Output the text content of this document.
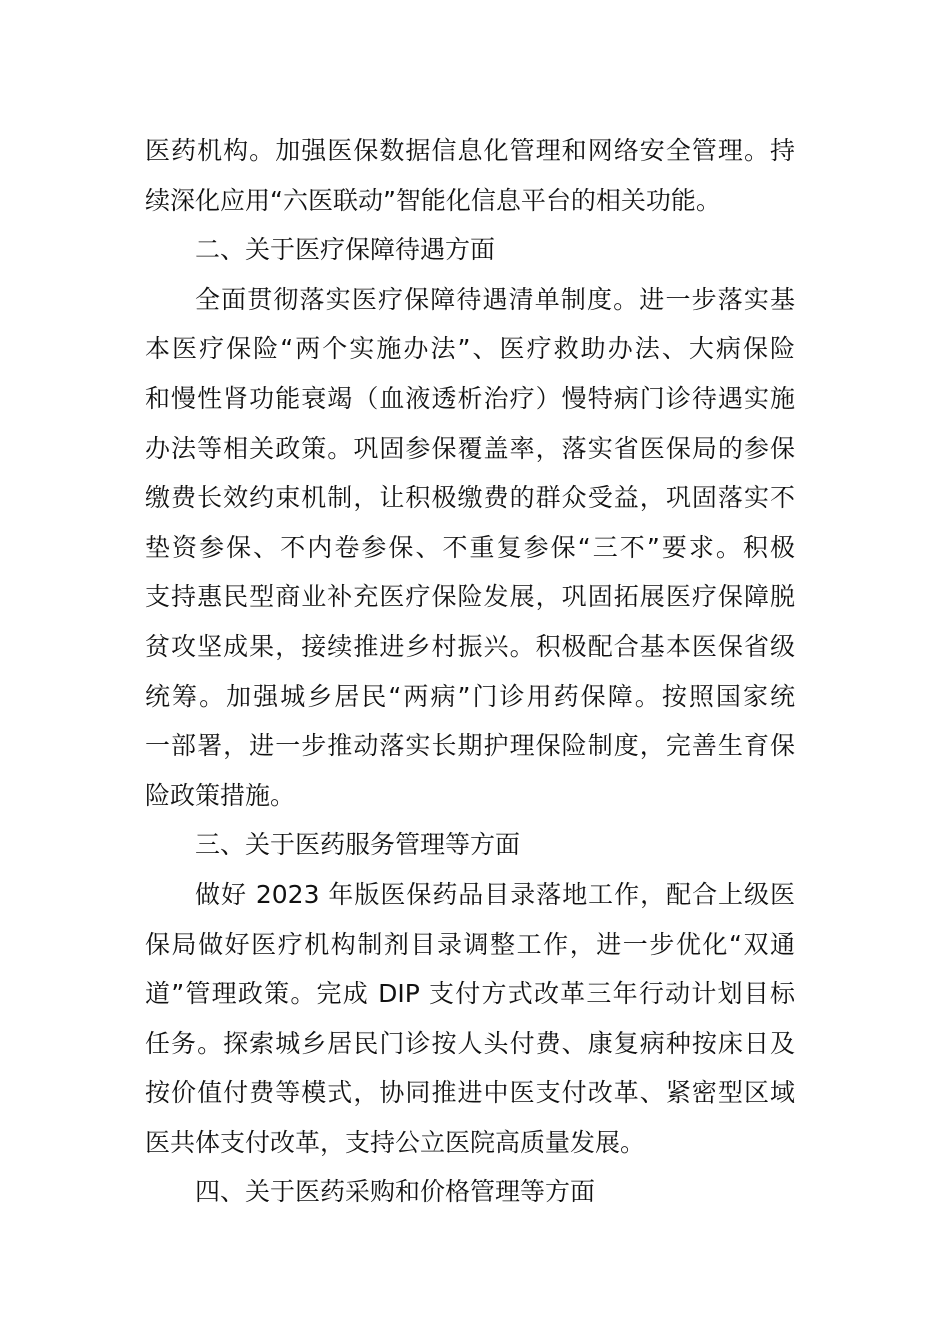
医药机构。加强医保数据信息化管理和网络安全管理。持
续深化应用“六医联动”智能化信息平台的相关功能。
二、关于医疗保障待遇方面
全面贯彻落实医疗保障待遇清单制度。进一步落实基
本医疗保险“两个实施办法”、医疗救助办法、大病保险
和慢性肾功能衰竭（血液透析治疗）慢特病门诊待遇实施
办法等相关政策。巩固参保覆盖率，落实省医保局的参保
缴费长效约束机制，让积极缴费的群众受益，巩固落实不
垫资参保、不内卷参保、不重复参保“三不”要求。积极
支持惠民型商业补充医疗保险发展，巩固拓展医疗保障脱
贫攻坚成果，接续推进乡村振兴。积极配合基本医保省级
统筹。加强城乡居民“两病”门诊用药保障。按照国家统
一部署，进一步推动落实长期护理保险制度，完善生育保
险政策措施。
三、关于医药服务管理等方面
做好 2023 年版医保药品目录落地工作，配合上级医
保局做好医疗机构制剂目录调整工作，进一步优化“双通
道”管理政策。完成 DIP 支付方式改革三年行动计划目标
任务。探索城乡居民门诊按人头付费、康复病种按床日及
按价值付费等模式，协同推进中医支付改革、紧密型区域
医共体支付改革，支持公立医院高质量发展。
四、关于医药采购和价格管理等方面
